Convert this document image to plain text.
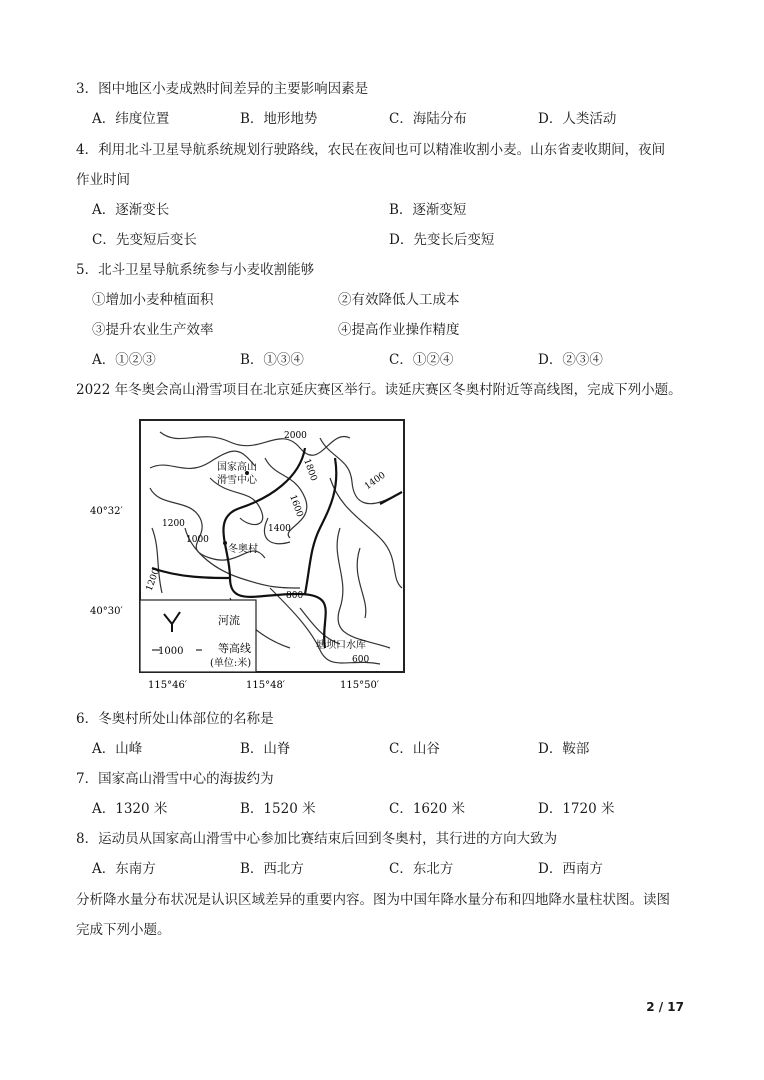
3．图中地区小麦成熟时间差异的主要影响因素是
A．纬度位置	B．地形地势	C．海陆分布	D．人类活动
4．利用北斗卫星导航系统规划行驶路线，农民在夜间也可以精准收割小麦。山东省麦收期间，夜间
作业时间
A．逐渐变长	B．逐渐变短
C．先变短后变长	D．先变长后变短
5．北斗卫星导航系统参与小麦收割能够
①增加小麦种植面积	②有效降低人工成本
③提升农业生产效率	④提高作业操作精度
A．①②③	B．①③④	C．①②④	D．②③④
2022 年冬奥会高山滑雪项目在北京延庆赛区举行。读延庆赛区冬奥村附近等高线图，完成下列小题。
河流
1000	等高线
(单位:米)
国家高山
滑雪中心
冬奥村
塘坝口水库
2000
1800
1600
1400
1200
1000
1200
800
600
1400
40°32′
40°30′
115°46′	115°48′	115°50′
6．冬奥村所处山体部位的名称是
A．山峰	B．山脊	C．山谷	D．鞍部
7．国家高山滑雪中心的海拔约为
A．1320 米	B．1520 米	C．1620 米	D．1720 米
8．运动员从国家高山滑雪中心参加比赛结束后回到冬奥村，其行进的方向大致为
A．东南方	B．西北方	C．东北方	D．西南方
分析降水量分布状况是认识区域差异的重要内容。图为中国年降水量分布和四地降水量柱状图。读图
完成下列小题。
2 / 17
